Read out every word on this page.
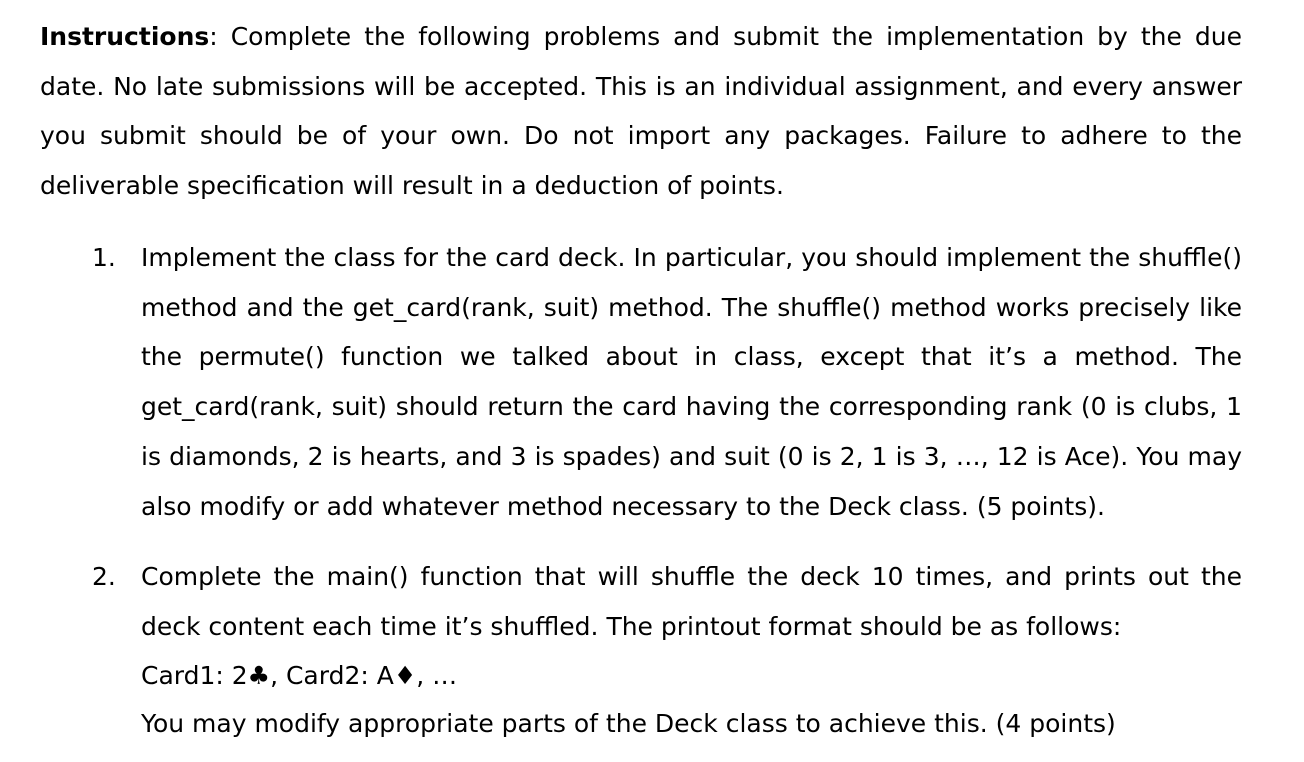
Instructions: Complete the following problems and submit the implementation by the due date. No late submissions will be accepted. This is an individual assignment, and every answer you submit should be of your own. Do not import any packages. Failure to adhere to the deliverable specification will result in a deduction of points.

1.	Implement the class for the card deck. In particular, you should implement the shuffle() method and the get_card(rank, suit) method. The shuffle() method works precisely like the permute() function we talked about in class, except that it’s a method. The get_card(rank, suit) should return the card having the corresponding rank (0 is clubs, 1 is diamonds, 2 is hearts, and 3 is spades) and suit (0 is 2, 1 is 3, …, 12 is Ace). You may also modify or add whatever method necessary to the Deck class. (5 points).

2.	Complete the main() function that will shuffle the deck 10 times, and prints out the deck content each time it’s shuffled. The printout format should be as follows:

Card1: 2♣, Card2: A♦, …
You may modify appropriate parts of the Deck class to achieve this. (4 points)
